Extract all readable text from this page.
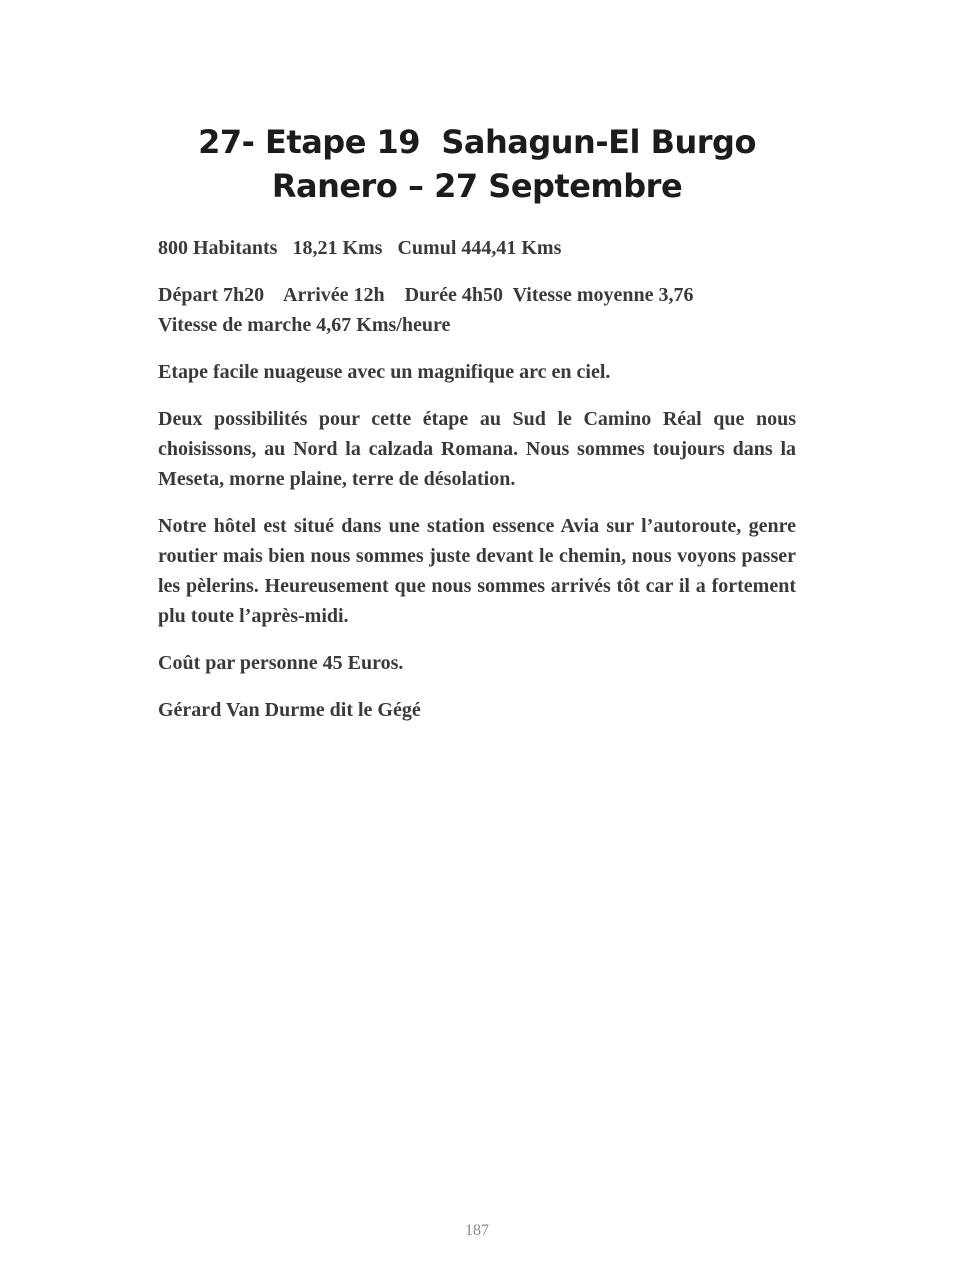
27- Etape 19  Sahagun-El Burgo
Ranero – 27 Septembre

800 Habitants   18,21 Kms   Cumul 444,41 Kms

Départ 7h20    Arrivée 12h    Durée 4h50  Vitesse moyenne 3,76
Vitesse de marche 4,67 Kms/heure

Etape facile nuageuse avec un magnifique arc en ciel.

Deux possibilités pour cette étape au Sud le Camino Réal que nous choisissons, au Nord la calzada Romana. Nous sommes toujours dans la Meseta, morne plaine, terre de désolation.

Notre hôtel est situé dans une station essence Avia sur l’autoroute, genre routier mais bien nous sommes juste devant le chemin, nous voyons passer les pèlerins. Heureusement que nous sommes arrivés tôt car il a fortement plu toute l’après-midi.

Coût par personne 45 Euros.

Gérard Van Durme dit le Gégé

187
